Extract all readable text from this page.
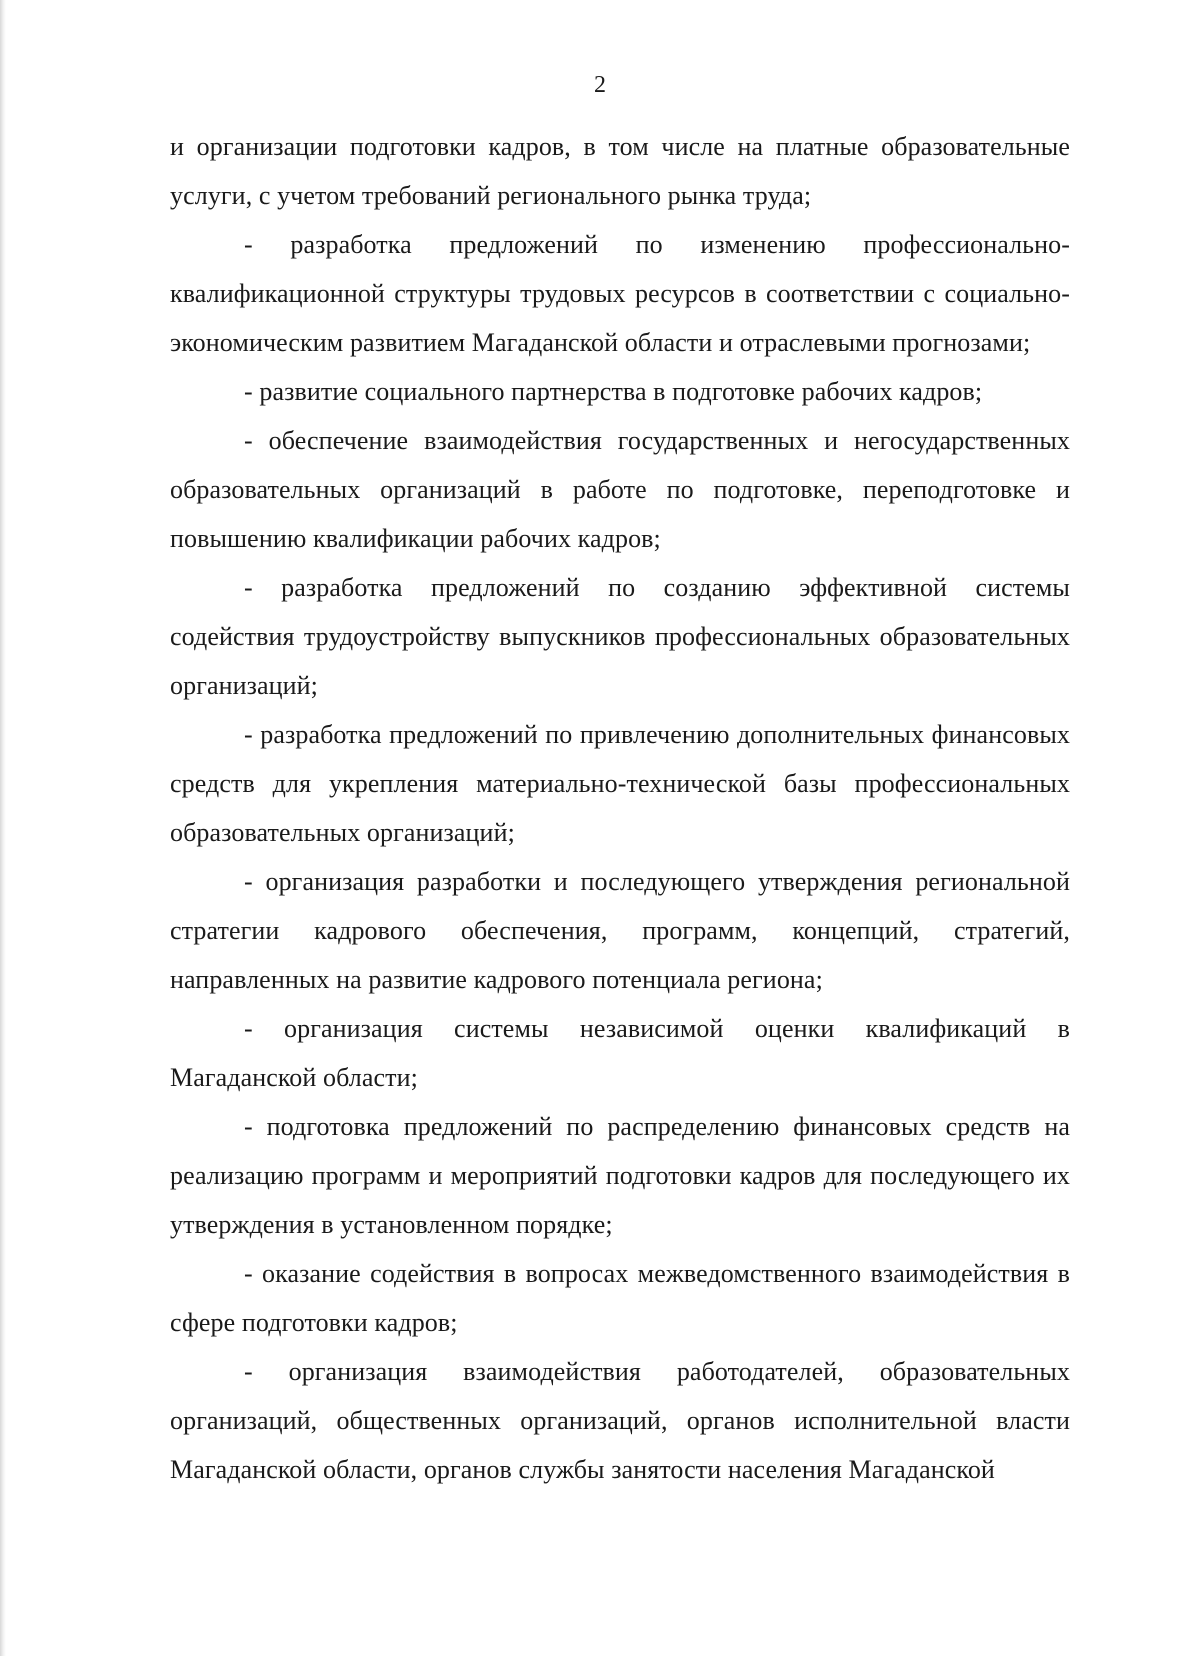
2

и организации подготовки кадров, в том числе на платные образовательные услуги, с учетом требований регионального рынка труда;

- разработка предложений по изменению профессионально-квалификационной структуры трудовых ресурсов в соответствии с социально-экономическим развитием Магаданской области и отраслевыми прогнозами;

- развитие социального партнерства в подготовке рабочих кадров;

- обеспечение взаимодействия государственных и негосударственных образовательных организаций в работе по подготовке, переподготовке и повышению квалификации рабочих кадров;

- разработка предложений по созданию эффективной системы содействия трудоустройству выпускников профессиональных образовательных организаций;

- разработка предложений по привлечению дополнительных финансовых средств для укрепления материально-технической базы профессиональных образовательных организаций;

- организация разработки и последующего утверждения региональной стратегии кадрового обеспечения, программ, концепций, стратегий, направленных на развитие кадрового потенциала региона;

- организация системы независимой оценки квалификаций в Магаданской области;

- подготовка предложений по распределению финансовых средств на реализацию программ и мероприятий подготовки кадров для последующего их утверждения в установленном порядке;

- оказание содействия в вопросах межведомственного взаимодействия в сфере подготовки кадров;

- организация взаимодействия работодателей, образовательных организаций, общественных организаций, органов исполнительной власти Магаданской области, органов службы занятости населения Магаданской
